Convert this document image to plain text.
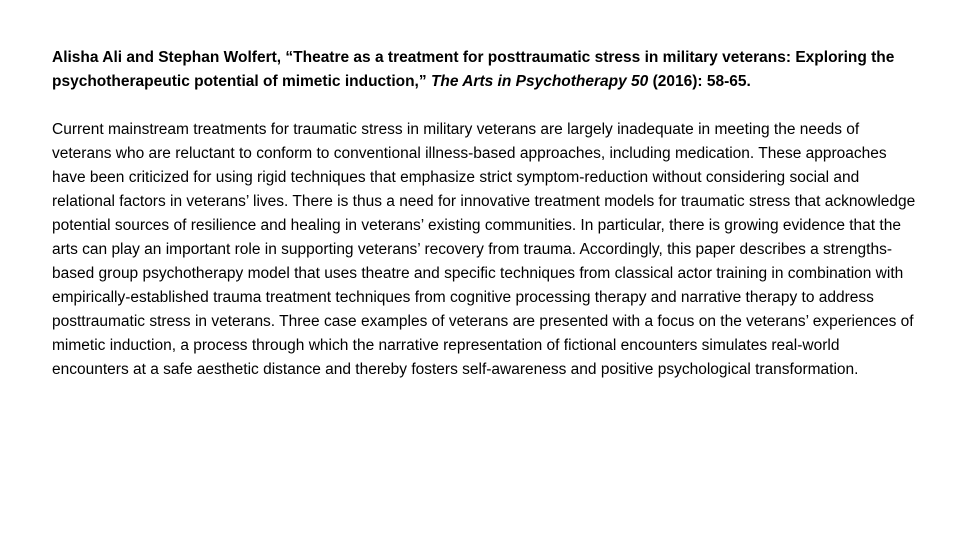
Alisha Ali and Stephan Wolfert, “Theatre as a treatment for posttraumatic stress in military veterans: Exploring the psychotherapeutic potential of mimetic induction,” The Arts in Psychotherapy 50 (2016): 58-65.

Current mainstream treatments for traumatic stress in military veterans are largely inadequate in meeting the needs of veterans who are reluctant to conform to conventional illness-based approaches, including medication. These approaches have been criticized for using rigid techniques that emphasize strict symptom-reduction without considering social and relational factors in veterans’ lives. There is thus a need for innovative treatment models for traumatic stress that acknowledge potential sources of resilience and healing in veterans’ existing communities. In particular, there is growing evidence that the arts can play an important role in supporting veterans’ recovery from trauma. Accordingly, this paper describes a strengths-based group psychotherapy model that uses theatre and specific techniques from classical actor training in combination with empirically-established trauma treatment techniques from cognitive processing therapy and narrative therapy to address posttraumatic stress in veterans. Three case examples of veterans are presented with a focus on the veterans’ experiences of mimetic induction, a process through which the narrative representation of fictional encounters simulates real-world encounters at a safe aesthetic distance and thereby fosters self-awareness and positive psychological transformation.
